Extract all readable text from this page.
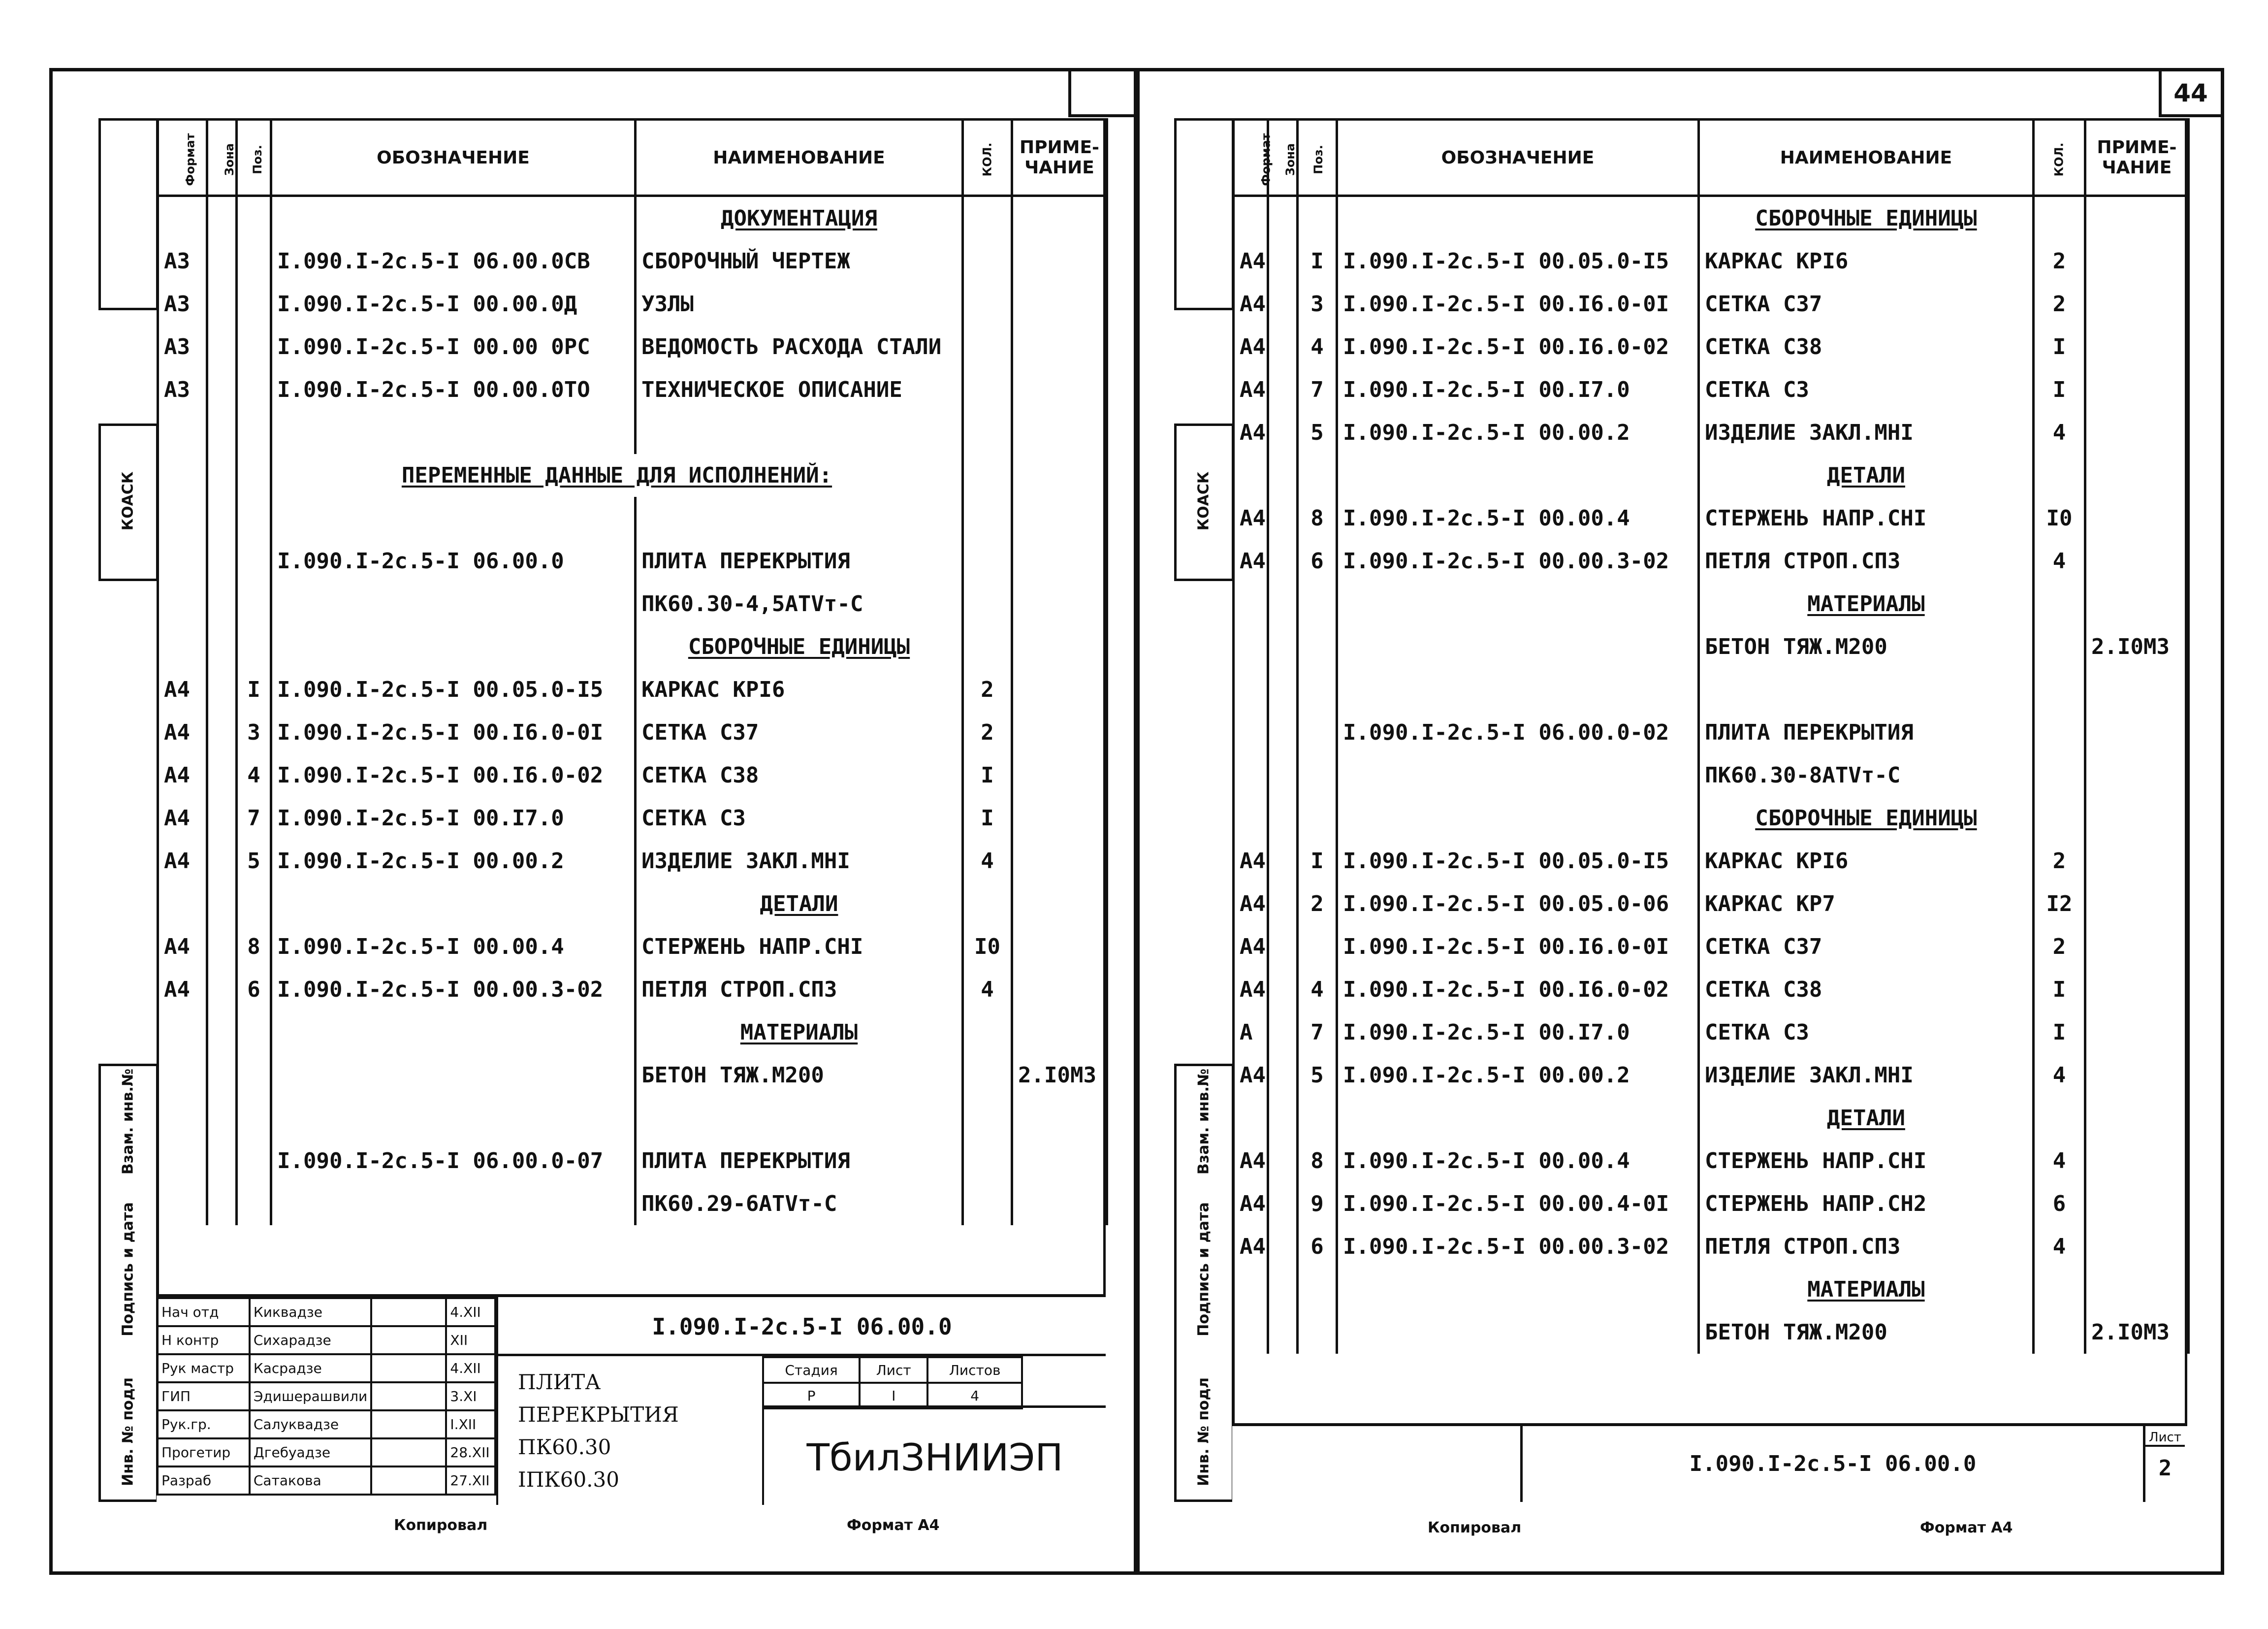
44
КОАСК
Взам. инв.№
Подпись и дата
Инв. № подл
Формат	Зона	Поз.	ОБОЗНАЧЕНИЕ	НАИМЕНОВАНИЕ	КОЛ.	ПРИМЕ-
ЧАНИЕ

				ДОКУМЕНТАЦИЯ		
А3			I.090.I-2c.5-I 06.00.0СВ	СБОРОЧНЫЙ ЧЕРТЕЖ		
А3			I.090.I-2c.5-I 00.00.0Д	УЗЛЫ		
А3			I.090.I-2c.5-I 00.00 0РС	ВЕДОМОСТЬ РАСХОДА СТАЛИ		
А3			I.090.I-2c.5-I 00.00.0ТО	ТЕХНИЧЕСКОЕ ОПИСАНИЕ		

			ПЕРЕМЕННЫЕ ДАННЫЕ ДЛЯ ИСПОЛНЕНИЙ:			

			I.090.I-2c.5-I 06.00.0	ПЛИТА ПЕРЕКРЫТИЯ		
				ПК60.30-4,5АТVт-С		
				СБОРОЧНЫЕ ЕДИНИЦЫ		
А4		I	I.090.I-2c.5-I 00.05.0-I5	КАРКАС КРI6	2	
А4		3	I.090.I-2c.5-I 00.I6.0-0I	СЕТКА С37	2	
А4		4	I.090.I-2c.5-I 00.I6.0-02	СЕТКА С38	I	
А4		7	I.090.I-2c.5-I 00.I7.0	СЕТКА С3	I	
А4		5	I.090.I-2c.5-I 00.00.2	ИЗДЕЛИЕ ЗАКЛ.МНI	4	
				ДЕТАЛИ		
А4		8	I.090.I-2c.5-I 00.00.4	СТЕРЖЕНЬ НАПР.СНI	I0	
А4		6	I.090.I-2c.5-I 00.00.3-02	ПЕТЛЯ СТРОП.СП3	4	
				МАТЕРИАЛЫ		
				БЕТОН ТЯЖ.М200		2.I0М3

			I.090.I-2c.5-I 06.00.0-07	ПЛИТА ПЕРЕКРЫТИЯ		
				ПК60.29-6АТVт-С		
Нач отд	Киквадзе		4.XII
Н контр	Сихарадзе		XII
Рук мастр	Касрадзе		4.XII
ГИП	Эдишерашвили		3.XI
Рук.гр.	Салуквадзе		I.XII
Прогетир	Дгебуадзе		28.XII
Разраб	Сатакова		27.XII
I.090.I-2c.5-I 06.00.0
ПЛИТА ПЕРЕКРЫТИЯ
ПК60.30
IПК60.30
Стадия	Лист	Листов
Р	I	4
ТбилЗНИИЭП
Копировал	Формат А4
КОАСК
Взам. инв.№
Подпись и дата
Инв. № подл
Формат	Зона	Поз.	ОБОЗНАЧЕНИЕ	НАИМЕНОВАНИЕ	КОЛ.	ПРИМЕ-
ЧАНИЕ

				СБОРОЧНЫЕ ЕДИНИЦЫ		
А4		I	I.090.I-2c.5-I 00.05.0-I5	КАРКАС КРI6	2	
А4		3	I.090.I-2c.5-I 00.I6.0-0I	СЕТКА С37	2	
А4		4	I.090.I-2c.5-I 00.I6.0-02	СЕТКА С38	I	
А4		7	I.090.I-2c.5-I 00.I7.0	СЕТКА С3	I	
А4		5	I.090.I-2c.5-I 00.00.2	ИЗДЕЛИЕ ЗАКЛ.МНI	4	
				ДЕТАЛИ		
А4		8	I.090.I-2c.5-I 00.00.4	СТЕРЖЕНЬ НАПР.СНI	I0	
А4		6	I.090.I-2c.5-I 00.00.3-02	ПЕТЛЯ СТРОП.СП3	4	
				МАТЕРИАЛЫ		
				БЕТОН ТЯЖ.М200		2.I0М3

			I.090.I-2c.5-I 06.00.0-02	ПЛИТА ПЕРЕКРЫТИЯ		
				ПК60.30-8АТVт-С		
				СБОРОЧНЫЕ ЕДИНИЦЫ		
А4		I	I.090.I-2c.5-I 00.05.0-I5	КАРКАС КРI6	2	
А4		2	I.090.I-2c.5-I 00.05.0-06	КАРКАС КР7	I2	
А4			I.090.I-2c.5-I 00.I6.0-0I	СЕТКА С37	2	
А4		4	I.090.I-2c.5-I 00.I6.0-02	СЕТКА С38	I	
А		7	I.090.I-2c.5-I 00.I7.0	СЕТКА С3	I	
А4		5	I.090.I-2c.5-I 00.00.2	ИЗДЕЛИЕ ЗАКЛ.МНI	4	
				ДЕТАЛИ		
А4		8	I.090.I-2c.5-I 00.00.4	СТЕРЖЕНЬ НАПР.СНI	4	
А4		9	I.090.I-2c.5-I 00.00.4-0I	СТЕРЖЕНЬ НАПР.СН2	6	
А4		6	I.090.I-2c.5-I 00.00.3-02	ПЕТЛЯ СТРОП.СП3	4	
				МАТЕРИАЛЫ		
				БЕТОН ТЯЖ.М200		2.I0М3
I.090.I-2c.5-I 06.00.0
Лист
2
Копировал	Формат А4
